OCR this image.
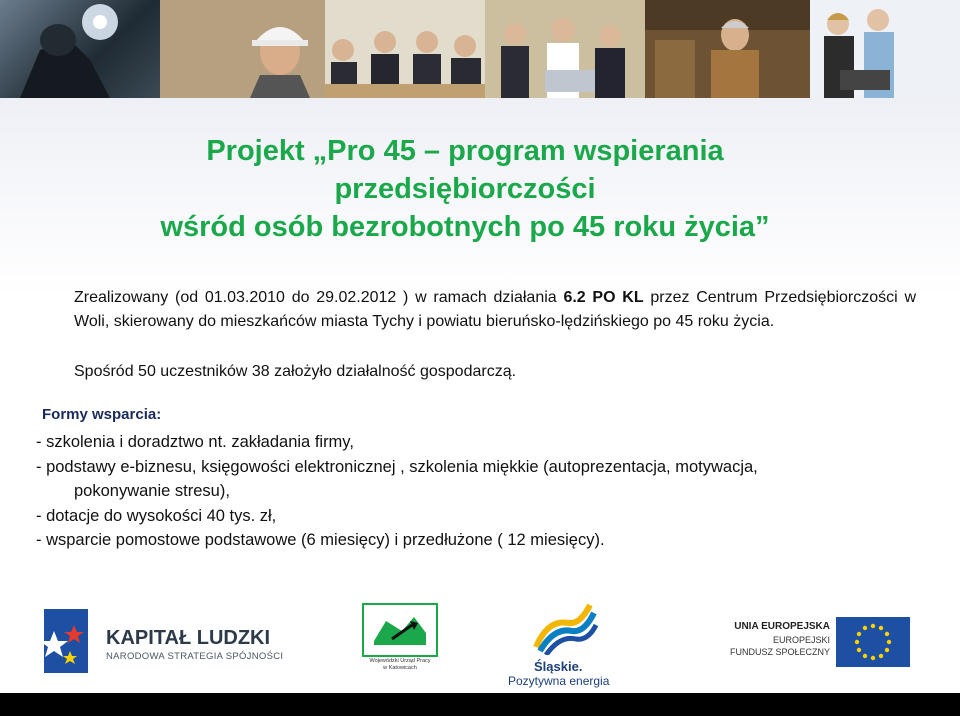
Projekt „Pro 45 – program wspierania
przedsiębiorczości
wśród osób bezrobotnych po 45 roku życia”
Zrealizowany (od 01.03.2010 do 29.02.2012 ) w ramach działania 6.2 PO KL przez Centrum Przedsiębiorczości w Woli, skierowany do mieszkańców miasta Tychy i powiatu bieruńsko-lędzińskiego po 45 roku życia.
Spośród 50 uczestników 38 założyło działalność gospodarczą.
Formy wsparcia:
- szkolenia i doradztwo nt. zakładania firmy,
- podstawy e-biznesu, księgowości elektronicznej , szkolenia miękkie (autoprezentacja, motywacja,
pokonywanie stresu),
- dotacje do wysokości 40 tys. zł,
- wsparcie pomostowe podstawowe (6 miesięcy) i przedłużone ( 12 miesięcy).
KAPITAŁ LUDZKI
NARODOWA STRATEGIA SPÓJNOŚCI	Wojewódzki Urząd Pracy
w Katowicach	Śląskie.
Pozytywna energia
UNIA EUROPEJSKA
EUROPEJSKI
FUNDUSZ SPOŁECZNY
